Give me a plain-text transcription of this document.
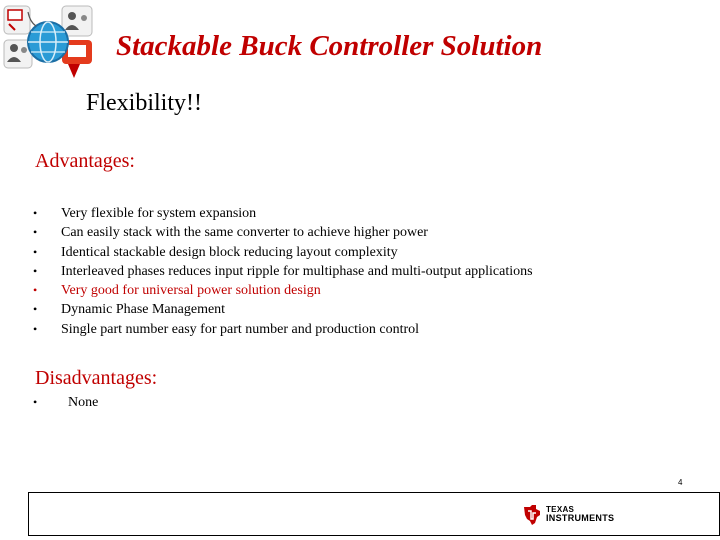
Stackable Buck Controller Solution
Flexibility!!
Advantages:
• Very flexible for system expansion
• Can easily stack with the same converter to achieve higher power
• Identical stackable design block reducing layout complexity
• Interleaved phases reduces input ripple for multiphase and multi-output applications
• Very good for universal power solution design
• Dynamic Phase Management
• Single part number easy for part number and production control
Disadvantages:
• None
4
TEXAS
INSTRUMENTS
